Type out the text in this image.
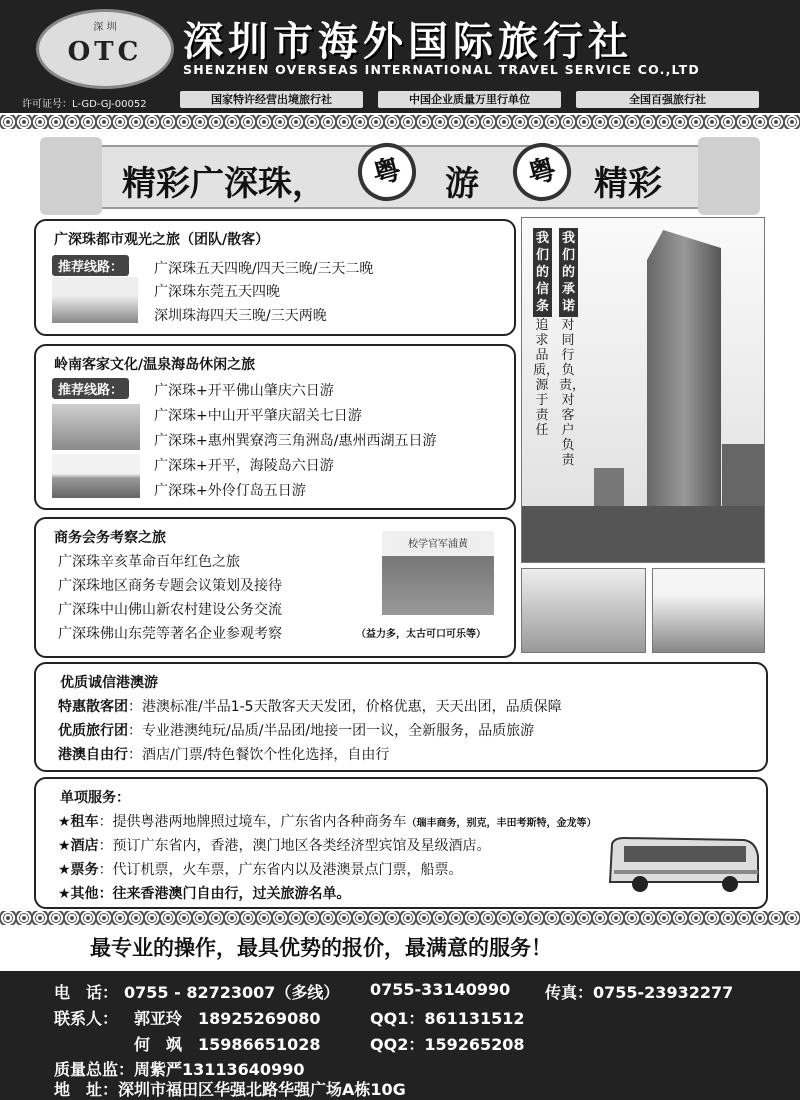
深 圳
OTC	深圳市海外国际旅行社
SHENZHEN OVERSEAS INTERNATIONAL TRAVEL SERVICE CO.,LTD
许可证号：L-GD-GJ-00052	国家特许经营出境旅行社	中国企业质量万里行单位	全国百强旅行社
精彩广深珠，	粤	游	粤	精彩
广深珠都市观光之旅（团队/散客）
推荐线路：	广深珠五天四晚/四天三晚/三天二晚
广深珠东莞五天四晚
深圳珠海四天三晚/三天两晚
岭南客家文化/温泉海岛休闲之旅
推荐线路：	广深珠+开平佛山肇庆六日游
广深珠+中山开平肇庆韶关七日游
广深珠+惠州巽寮湾三角洲岛/惠州西湖五日游
广深珠+开平，海陵岛六日游
广深珠+外伶仃岛五日游
商务会务考察之旅
广深珠辛亥革命百年红色之旅
广深珠地区商务专题会议策划及接待
广深珠中山佛山新农村建设公务交流
广深珠佛山东莞等著名企业参观考察	（益力多，太古可口可乐等）
校学官军浦黄
我们的承诺
对同行负责，对客户负责
我们的信条
追求品质，源于责任
优质诚信港澳游
特惠散客团：港澳标准/半品1-5天散客天天发团，价格优惠，天天出团，品质保障
优质旅行团：专业港澳纯玩/品质/半品团/地接一团一议，全新服务，品质旅游
港澳自由行：酒店/门票/特色餐饮个性化选择，自由行
单项服务：
★租车：提供粤港两地牌照过境车，广东省内各种商务车（瑞丰商务，别克，丰田考斯特，金龙等）
★酒店：预订广东省内，香港，澳门地区各类经济型宾馆及星级酒店。
★票务：代订机票，火车票，广东省内以及港澳景点门票，船票。
★其他：往来香港澳门自由行，过关旅游名单。
最专业的操作，最具优势的报价，最满意的服务！
电　话： 0755 - 82723007（多线） 0755-33140990 传真：0755-23932277
联系人： 郭亚玲　18925269080	QQ1：861131512
何　飒　15986651028	QQ2：159265208
质量总监：周紫严13113640990
地　址：深圳市福田区华强北路华强广场A栋10G
